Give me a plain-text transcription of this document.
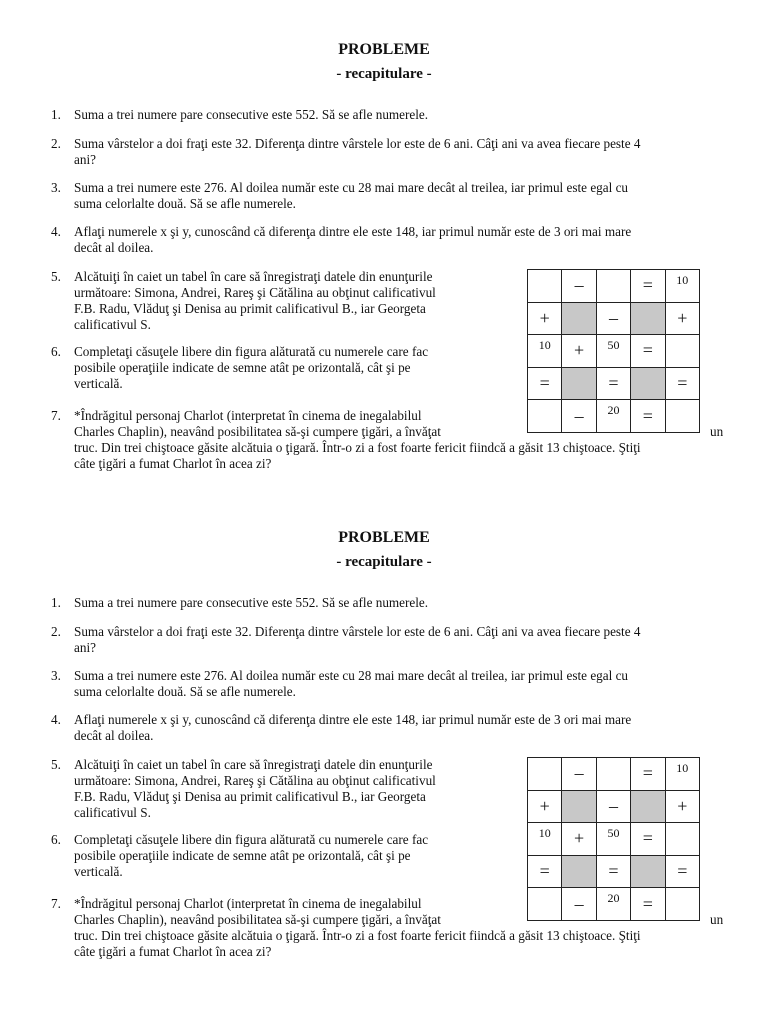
PROBLEME
- recapitulare -
1. Suma a trei numere pare consecutive este 552. Să se afle numerele.
2. Suma vârstelor a doi fraţi este 32. Diferenţa dintre vârstele lor este de 6 ani. Câţi ani va avea fiecare peste 4
ani?
3. Suma a trei numere este 276. Al doilea număr este cu 28 mai mare decât al treilea, iar primul este egal cu
suma celorlalte două. Să se afle numerele.
4. Aflaţi numerele x şi y, cunoscând că diferenţa dintre ele este 148, iar primul număr este de 3 ori mai mare
decât al doilea.
5. Alcătuiţi în caiet un tabel în care să înregistraţi datele din enunţurile
următoare: Simona, Andrei, Rareş şi Cătălina au obţinut calificativul
F.B. Radu, Vlăduţ şi Denisa au primit calificativul B., iar Georgeta
calificativul S.
6. Completaţi căsuţele libere din figura alăturată cu numerele care fac
posibile operaţiile indicate de semne atât pe orizontală, cât şi pe
verticală.
7. *Îndrăgitul personaj Charlot (interpretat în cinema de inegalabilul
Charles Chaplin), neavând posibilitatea să-şi cumpere ţigări, a învăţat	un
truc. Din trei chiştoace găsite alcătuia o ţigară. Într-o zi a fost foarte fericit fiindcă a găsit 13 chiştoace. Ştiţi
câte ţigări a fumat Charlot în acea zi?
	–		=	10
+		–		+
10	+	50	=	
=		=		=
	–	20	=	
PROBLEME
- recapitulare -
1. Suma a trei numere pare consecutive este 552. Să se afle numerele.
2. Suma vârstelor a doi fraţi este 32. Diferenţa dintre vârstele lor este de 6 ani. Câţi ani va avea fiecare peste 4
ani?
3. Suma a trei numere este 276. Al doilea număr este cu 28 mai mare decât al treilea, iar primul este egal cu
suma celorlalte două. Să se afle numerele.
4. Aflaţi numerele x şi y, cunoscând că diferenţa dintre ele este 148, iar primul număr este de 3 ori mai mare
decât al doilea.
5. Alcătuiţi în caiet un tabel în care să înregistraţi datele din enunţurile
următoare: Simona, Andrei, Rareş şi Cătălina au obţinut calificativul
F.B. Radu, Vlăduţ şi Denisa au primit calificativul B., iar Georgeta
calificativul S.
6. Completaţi căsuţele libere din figura alăturată cu numerele care fac
posibile operaţiile indicate de semne atât pe orizontală, cât şi pe
verticală.
7. *Îndrăgitul personaj Charlot (interpretat în cinema de inegalabilul
Charles Chaplin), neavând posibilitatea să-şi cumpere ţigări, a învăţat	un
truc. Din trei chiştoace găsite alcătuia o ţigară. Într-o zi a fost foarte fericit fiindcă a găsit 13 chiştoace. Ştiţi
câte ţigări a fumat Charlot în acea zi?
	–		=	10
+		–		+
10	+	50	=	
=		=		=
	–	20	=	
